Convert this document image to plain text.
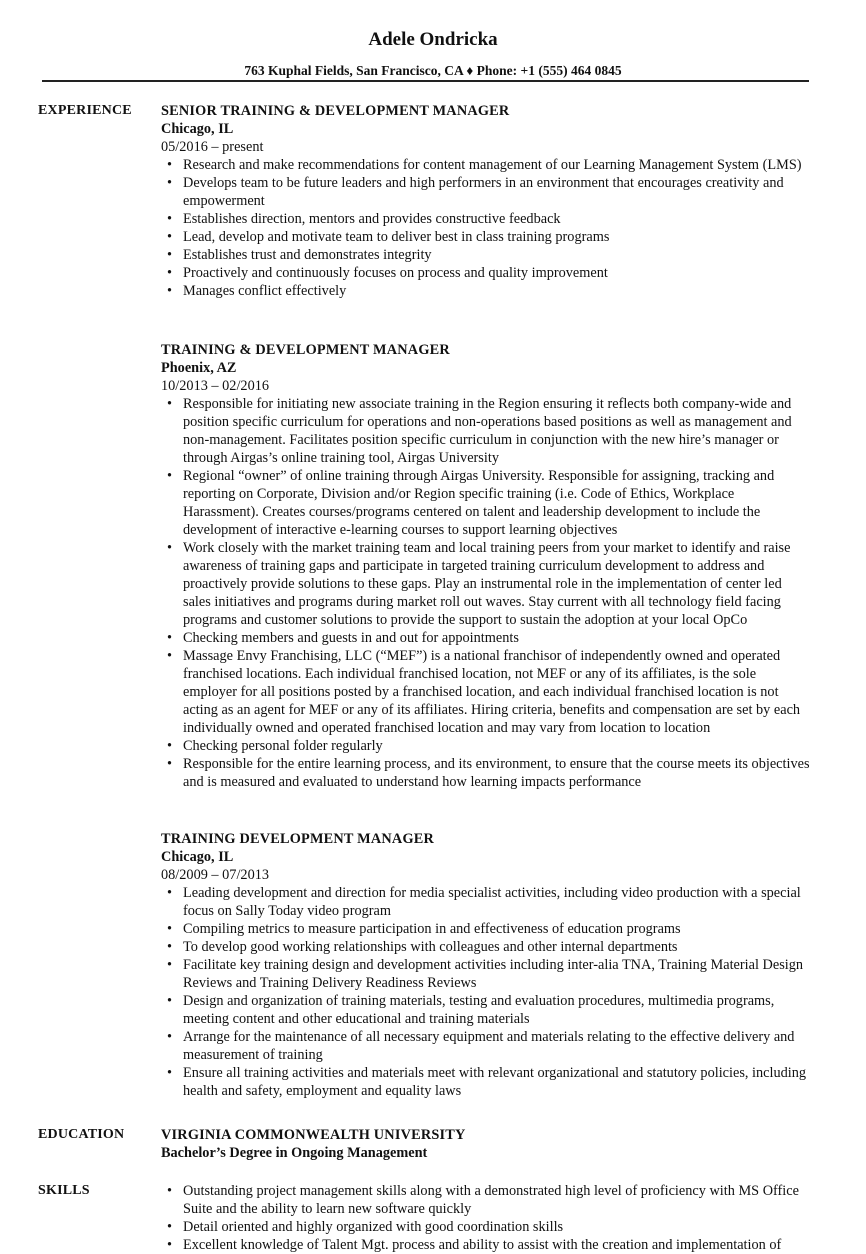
Adele Ondricka
763 Kuphal Fields, San Francisco, CA ♦ Phone: +1 (555) 464 0845
EXPERIENCE SENIOR TRAINING & DEVELOPMENT MANAGER
Chicago, IL
05/2016 – present
• Research and make recommendations for content management of our Learning Management System (LMS)
• Develops team to be future leaders and high performers in an environment that encourages creativity and empowerment
• Establishes direction, mentors and provides constructive feedback
• Lead, develop and motivate team to deliver best in class training programs
• Establishes trust and demonstrates integrity
• Proactively and continuously focuses on process and quality improvement
• Manages conflict effectively
TRAINING & DEVELOPMENT MANAGER
Phoenix, AZ
10/2013 – 02/2016
• Responsible for initiating new associate training in the Region ensuring it reflects both company-wide and position specific curriculum for operations and non-operations based positions as well as management and non-management. Facilitates position specific curriculum in conjunction with the new hire’s manager or through Airgas’s online training tool, Airgas University
• Regional “owner” of online training through Airgas University. Responsible for assigning, tracking and reporting on Corporate, Division and/or Region specific training (i.e. Code of Ethics, Workplace Harassment). Creates courses/programs centered on talent and leadership development to include the development of interactive e-learning courses to support learning objectives
• Work closely with the market training team and local training peers from your market to identify and raise awareness of training gaps and participate in targeted training curriculum development to address and proactively provide solutions to these gaps. Play an instrumental role in the implementation of center led sales initiatives and programs during market roll out waves. Stay current with all technology field facing programs and customer solutions to provide the support to sustain the adoption at your local OpCo
• Checking members and guests in and out for appointments
• Massage Envy Franchising, LLC (“MEF”) is a national franchisor of independently owned and operated franchised locations. Each individual franchised location, not MEF or any of its affiliates, is the sole employer for all positions posted by a franchised location, and each individual franchised location is not acting as an agent for MEF or any of its affiliates. Hiring criteria, benefits and compensation are set by each individually owned and operated franchised location and may vary from location to location
• Checking personal folder regularly
• Responsible for the entire learning process, and its environment, to ensure that the course meets its objectives and is measured and evaluated to understand how learning impacts performance
TRAINING DEVELOPMENT MANAGER
Chicago, IL
08/2009 – 07/2013
• Leading development and direction for media specialist activities, including video production with a special focus on Sally Today video program
• Compiling metrics to measure participation in and effectiveness of education programs
• To develop good working relationships with colleagues and other internal departments
• Facilitate key training design and development activities including inter-alia TNA, Training Material Design Reviews and Training Delivery Readiness Reviews
• Design and organization of training materials, testing and evaluation procedures, multimedia programs, meeting content and other educational and training materials
• Arrange for the maintenance of all necessary equipment and materials relating to the effective delivery and measurement of training
• Ensure all training activities and materials meet with relevant organizational and statutory policies, including health and safety, employment and equality laws
EDUCATION	VIRGINIA COMMONWEALTH UNIVERSITY
Bachelor’s Degree in Ongoing Management
SKILLS
•	Outstanding project management skills along with a demonstrated high level of proficiency with MS Office Suite and the ability to learn new software quickly
• Detail oriented and highly organized with good coordination skills
• Excellent knowledge of Talent Mgt. process and ability to assist with the creation and implementation of
